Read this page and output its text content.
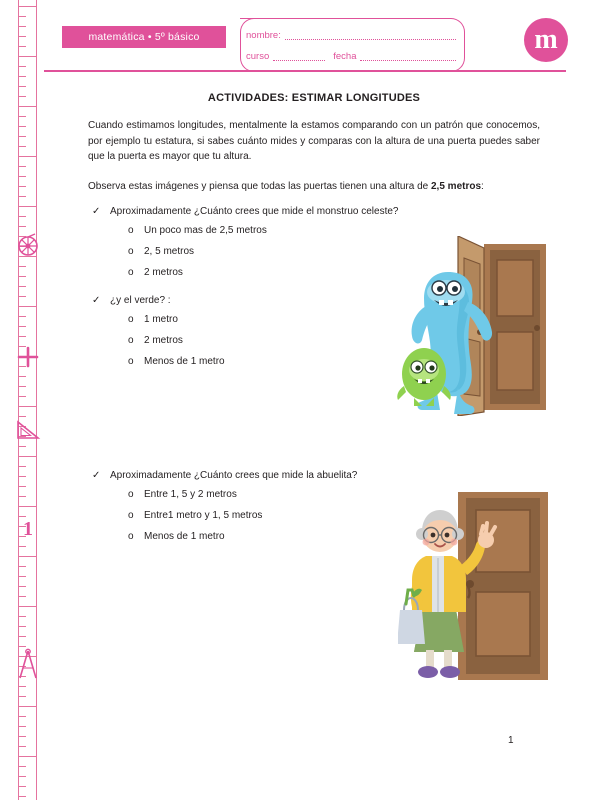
1
matemática • 5º básico	nombre:
curso	fecha
m
ACTIVIDADES: ESTIMAR LONGITUDES

Cuando estimamos longitudes, mentalmente la estamos comparando con un patrón que conocemos, por ejemplo tu estatura, si sabes cuánto mides y comparas con la altura de una puerta puedes saber que la puerta es mayor que tu altura.

Observa estas imágenes y piensa que todas las puertas tienen una altura de 2,5 metros:

✓ Aproximadamente ¿Cuánto crees que mide el monstruo celeste?

o Un poco mas de 2,5 metros
o 2, 5 metros
o 2 metros

✓ ¿y el verde? :

o 1 metro
o 2 metros
o Menos de 1 metro

✓ Aproximadamente ¿Cuánto crees que mide la abuelita?

o Entre 1, 5 y 2 metros
o Entre1 metro y 1, 5 metros
o Menos de 1 metro
1
